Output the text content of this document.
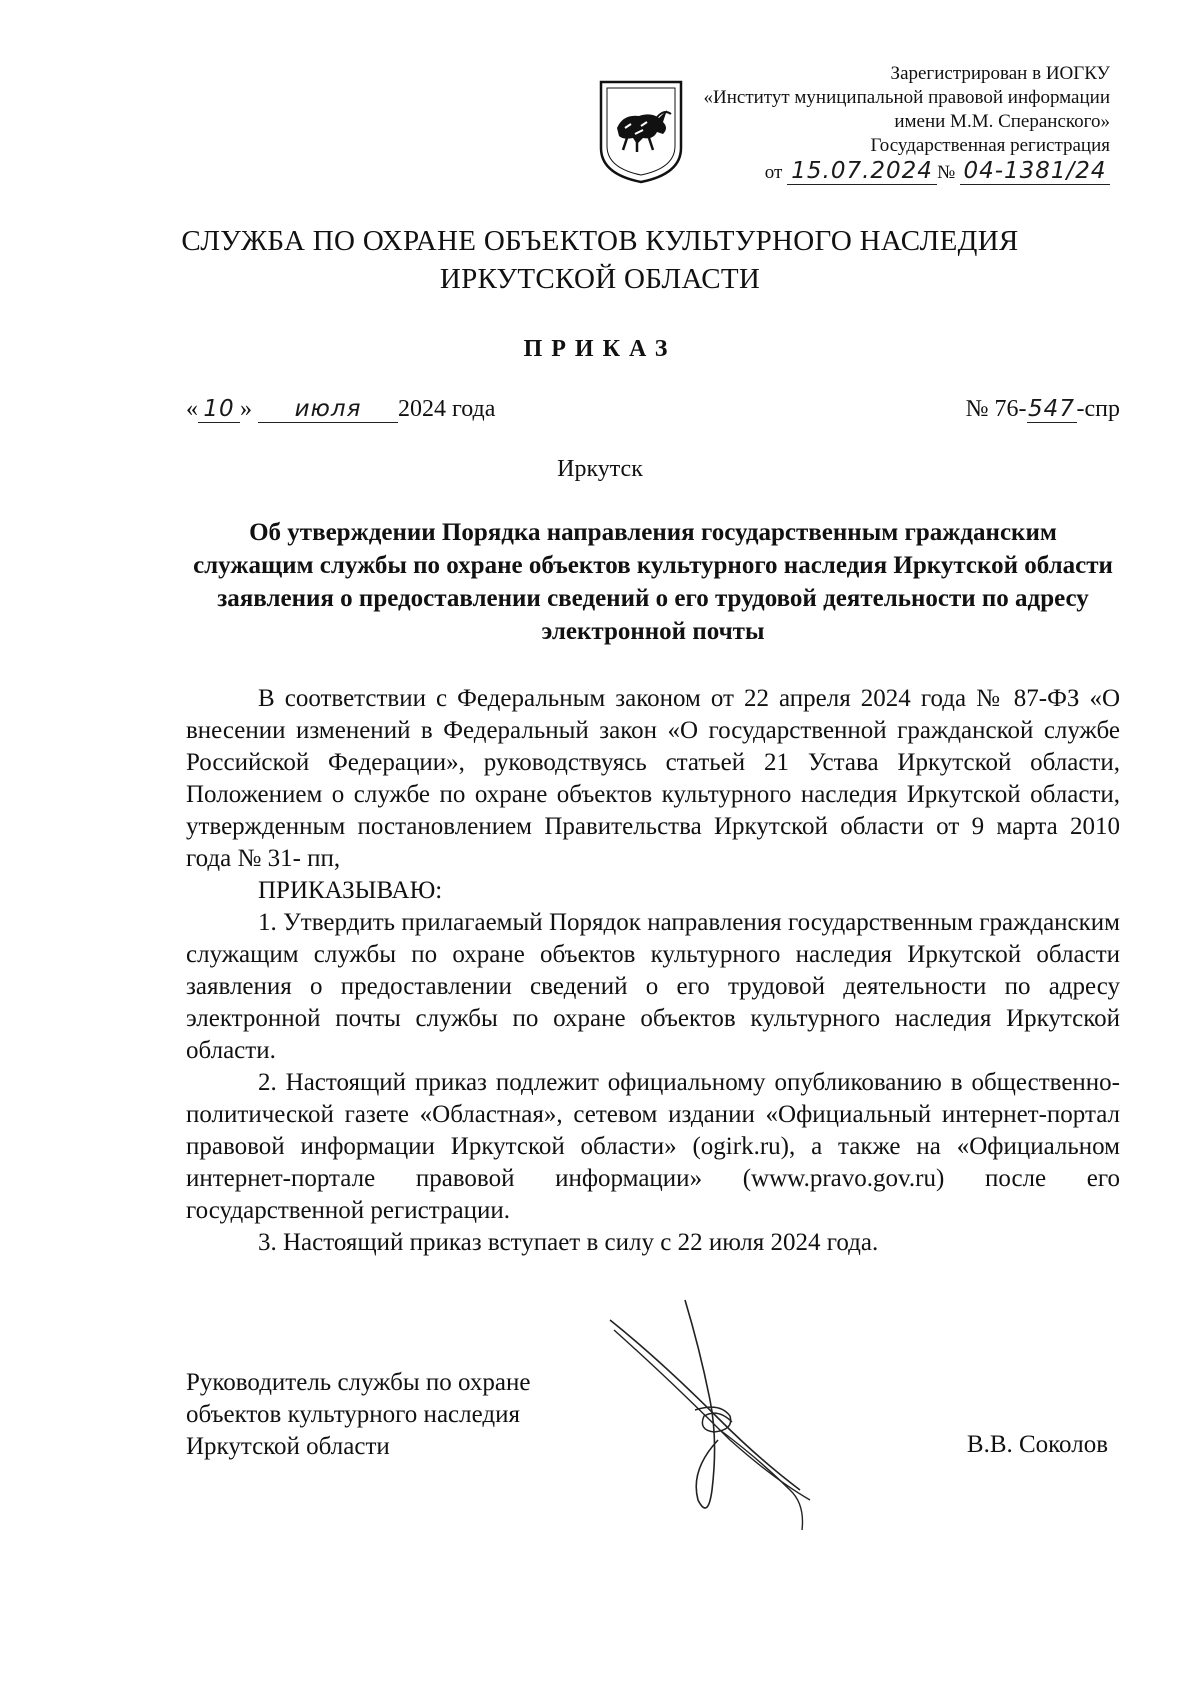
Зарегистрирован в ИОГКУ
«Институт муниципальной правовой информации
имени М.М. Сперанского»
Государственная регистрация
от 15.07.2024 № 04-1381/24
СЛУЖБА ПО ОХРАНЕ ОБЪЕКТОВ КУЛЬТУРНОГО НАСЛЕДИЯ
ИРКУТСКОЙ ОБЛАСТИ
ПРИКАЗ
« 10 » июля 2024 года	№ 76-547-спр
Иркутск
Об утверждении Порядка направления государственным гражданским служащим службы по охране объектов культурного наследия Иркутской области заявления о предоставлении сведений о его трудовой деятельности по адресу электронной почты

В соответствии с Федеральным законом от 22 апреля 2024 года № 87-ФЗ «О внесении изменений в Федеральный закон «О государственной гражданской службе Российской Федерации», руководствуясь статьей 21 Устава Иркутской области, Положением о службе по охране объектов культурного наследия Иркутской области, утвержденным постановлением Правительства Иркутской области от 9 марта 2010 года № 31- пп,

ПРИКАЗЫВАЮ:

1. Утвердить прилагаемый Порядок направления государственным гражданским служащим службы по охране объектов культурного наследия Иркутской области заявления о предоставлении сведений о его трудовой деятельности по адресу электронной почты службы по охране объектов культурного наследия Иркутской области.

2. Настоящий приказ подлежит официальному опубликованию в общественно-политической газете «Областная», сетевом издании «Официальный интернет-портал правовой информации Иркутской области» (ogirk.ru), а также на «Официальном интернет-портале правовой информации» (www.pravo.gov.ru) после его государственной регистрации.

3. Настоящий приказ вступает в силу с 22 июля 2024 года.

Руководитель службы по охране
объектов культурного наследия
Иркутской области	В.В. Соколов
